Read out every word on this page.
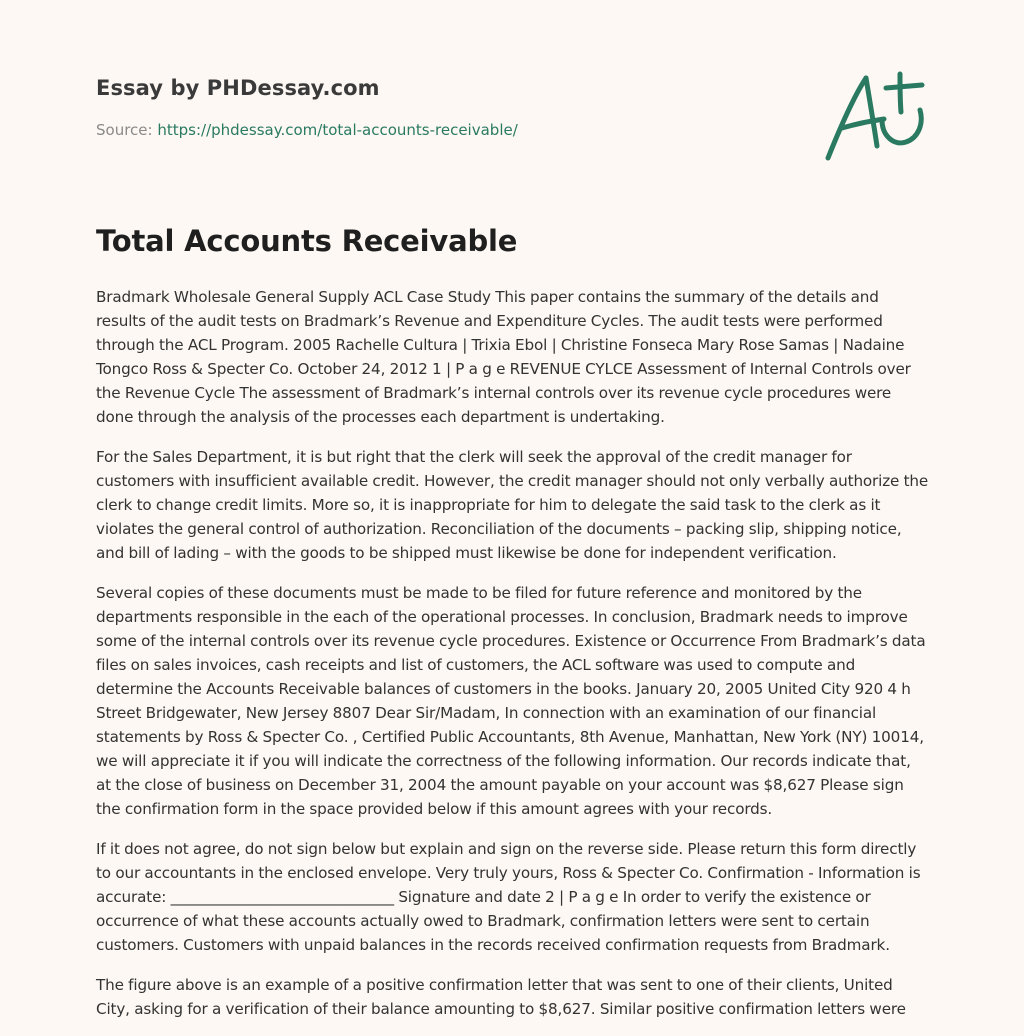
Essay by PHDessay.com
Source: https://phdessay.com/total-accounts-receivable/
Total Accounts Receivable

Bradmark Wholesale General Supply ACL Case Study This paper contains the summary of the details and results of the audit tests on Bradmark’s Revenue and Expenditure Cycles. The audit tests were performed through the ACL Program. 2005 Rachelle Cultura | Trixia Ebol | Christine Fonseca Mary Rose Samas | Nadaine Tongco Ross & Specter Co. October 24, 2012 1 | P a g e REVENUE CYLCE Assessment of Internal Controls over the Revenue Cycle The assessment of Bradmark’s internal controls over its revenue cycle procedures were done through the analysis of the processes each department is undertaking.

For the Sales Department, it is but right that the clerk will seek the approval of the credit manager for customers with insufficient available credit. However, the credit manager should not only verbally authorize the clerk to change credit limits. More so, it is inappropriate for him to delegate the said task to the clerk as it violates the general control of authorization. Reconciliation of the documents – packing slip, shipping notice, and bill of lading – with the goods to be shipped must likewise be done for independent verification.

Several copies of these documents must be made to be filed for future reference and monitored by the departments responsible in the each of the operational processes. In conclusion, Bradmark needs to improve some of the internal controls over its revenue cycle procedures. Existence or Occurrence From Bradmark’s data files on sales invoices, cash receipts and list of customers, the ACL software was used to compute and determine the Accounts Receivable balances of customers in the books. January 20, 2005 United City 920 4 h Street Bridgewater, New Jersey 8807 Dear Sir/Madam, In connection with an examination of our financial statements by Ross & Specter Co. , Certified Public Accountants, 8th Avenue, Manhattan, New York (NY) 10014, we will appreciate it if you will indicate the correctness of the following information. Our records indicate that, at the close of business on December 31, 2004 the amount payable on your account was $8,627 Please sign the confirmation form in the space provided below if this amount agrees with your records.

If it does not agree, do not sign below but explain and sign on the reverse side. Please return this form directly to our accountants in the enclosed envelope. Very truly yours, Ross & Specter Co. Confirmation - Information is accurate: ______________________________ Signature and date 2 | P a g e In order to verify the existence or occurrence of what these accounts actually owed to Bradmark, confirmation letters were sent to certain customers. Customers with unpaid balances in the records received confirmation requests from Bradmark.

The figure above is an example of a positive confirmation letter that was sent to one of their clients, United City, asking for a verification of their balance amounting to $8,627. Similar positive confirmation letters were
